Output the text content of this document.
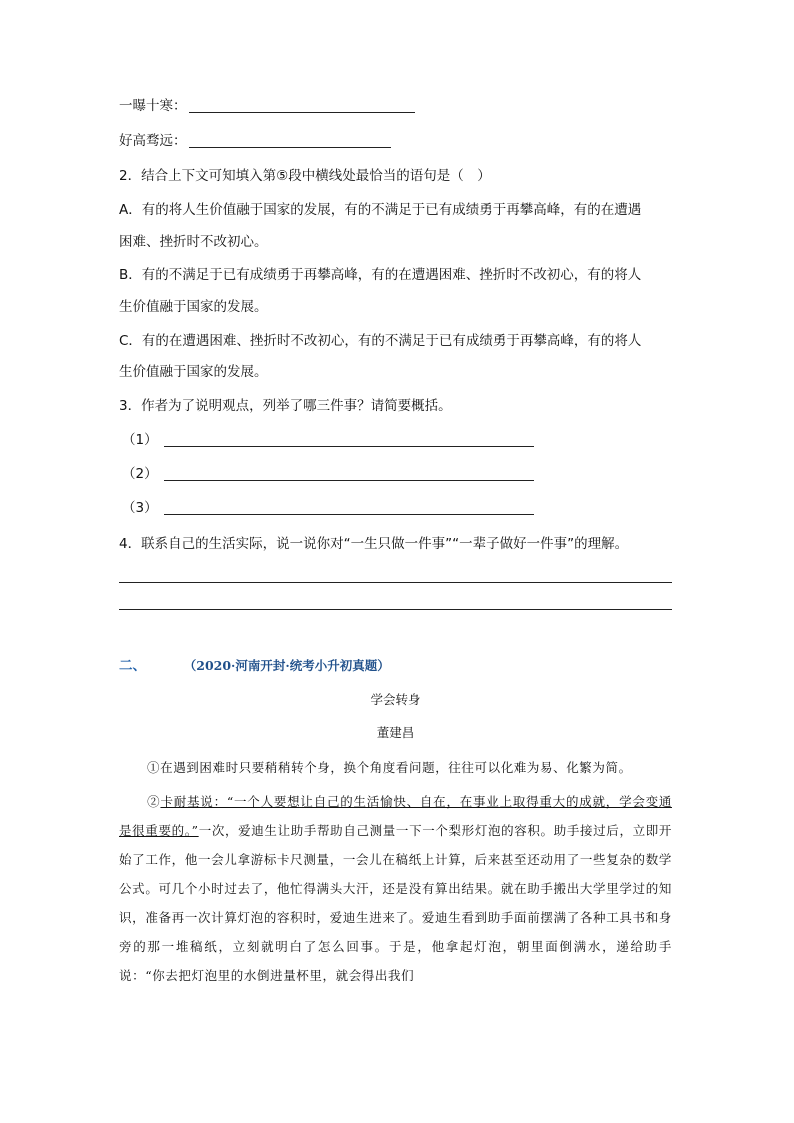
一曝十寒：
好高骛远：
2．结合上下文可知填入第⑤段中横线处最恰当的语句是（　）
A．有的将人生价值融于国家的发展，有的不满足于已有成绩勇于再攀高峰，有的在遭遇
困难、挫折时不改初心。
B．有的不满足于已有成绩勇于再攀高峰，有的在遭遇困难、挫折时不改初心，有的将人
生价值融于国家的发展。
C．有的在遭遇困难、挫折时不改初心，有的不满足于已有成绩勇于再攀高峰，有的将人
生价值融于国家的发展。
3．作者为了说明观点，列举了哪三件事？请简要概括。
（1）
（2）
（3）
4．联系自己的生活实际，说一说你对“一生只做一件事”“一辈子做好一件事”的理解。
二、	（2020·河南开封·统考小升初真题）
学会转身
董建昌
①在遇到困难时只要稍稍转个身，换个角度看问题，往往可以化难为易、化繁为简。
②卡耐基说：“一个人要想让自己的生活愉快、自在，在事业上取得重大的成就，学会变通是很重要的。”一次，爱迪生让助手帮助自己测量一下一个梨形灯泡的容积。助手接过后，立即开始了工作，他一会儿拿游标卡尺测量，一会儿在稿纸上计算，后来甚至还动用了一些复杂的数学公式。可几个小时过去了，他忙得满头大汗，还是没有算出结果。就在助手搬出大学里学过的知识，准备再一次计算灯泡的容积时，爱迪生进来了。爱迪生看到助手面前摆满了各种工具书和身旁的那一堆稿纸，立刻就明白了怎么回事。于是，他拿起灯泡，朝里面倒满水，递给助手说：“你去把灯泡里的水倒进量杯里，就会得出我们
